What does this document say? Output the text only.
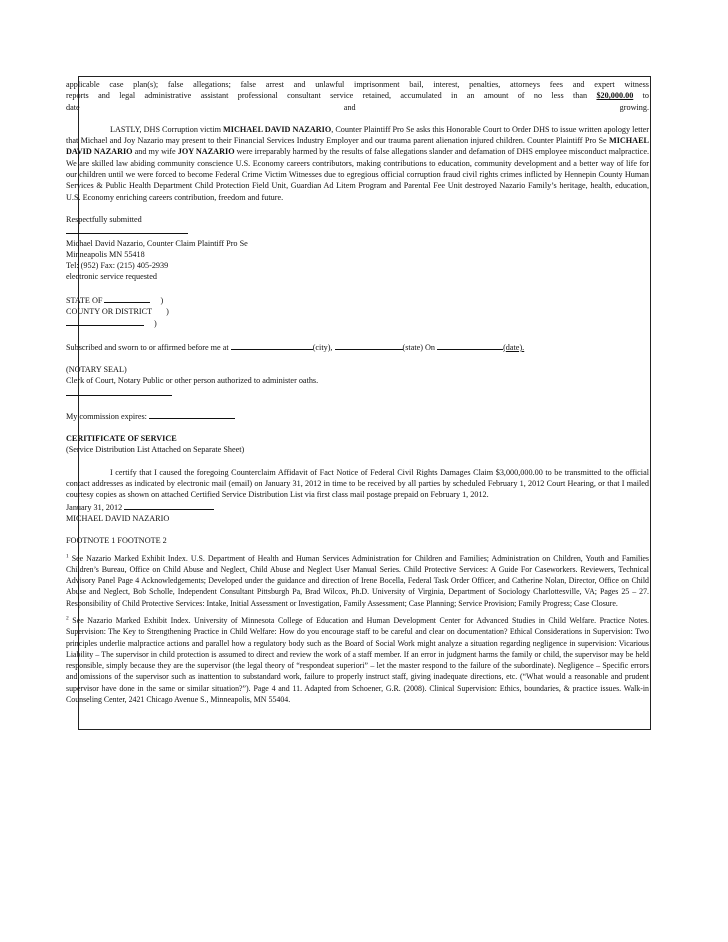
applicable case plan(s); false allegations; false arrest and unlawful imprisonment bail, interest, penalties, attorneys fees and expert witness

reports and legal administrative assistant professional consultant service retained, accumulated in an amount of no less than $20,000.00 to

date and growing.

LASTLY, DHS Corruption victim MICHAEL DAVID NAZARIO, Counter Plaintiff Pro Se asks this Honorable Court to Order DHS to issue written apology letter that Michael and Joy Nazario may present to their Financial Services Industry Employer and our trauma parent alienation injured children. Counter Plaintiff Pro Se MICHAEL DAVID NAZARIO and my wife JOY NAZARIO were irreparably harmed by the results of false allegations slander and defamation of DHS employee misconduct malpractice. We are skilled law abiding community conscience U.S. Economy careers contributors, making contributions to education, community development and a better way of life for our children until we were forced to become Federal Crime Victim Witnesses due to egregious official corruption fraud civil rights crimes inflicted by Hennepin County Human Services & Public Health Department Child Protection Field Unit, Guardian Ad Litem Program and Parental Fee Unit destroyed Nazario Family’s heritage, health, education, U.S. Economy enriching careers contribution, freedom and future.

Respectfully submitted

Michael David Nazario, Counter Claim Plaintiff Pro Se

Minneapolis MN 55418

Tel: (952) Fax: (215) 405-2939

electronic service requested

STATE OF	)

COUNTY OR DISTRICT )

)

Subscribed and sworn to or affirmed before me at	(city),	(state) On	(date).

(NOTARY SEAL)

Clerk of Court, Notary Public or other person authorized to administer oaths.

My commission expires:

CERITIFICATE OF SERVICE

(Service Distribution List Attached on Separate Sheet)

I certify that I caused the foregoing Counterclaim Affidavit of Fact Notice of Federal Civil Rights Damages Claim $3,000,000.00 to be transmitted to the official contact addresses as indicated by electronic mail (email) on January 31, 2012 in time to be received by all parties by scheduled February 1, 2012 Court Hearing, or that I mailed courtesy copies as shown on attached Certified Service Distribution List via first class mail postage prepaid on February 1, 2012.

January 31, 2012

MICHAEL DAVID NAZARIO

FOOTNOTE 1 FOOTNOTE 2

$^1$ See Nazario Marked Exhibit Index. U.S. Department of Health and Human Services Administration for Children and Families; Administration on Children, Youth and Families Children’s Bureau, Office on Child Abuse and Neglect, Child Abuse and Neglect User Manual Series. Child Protective Services: A Guide For Caseworkers. Reviewers, Technical Advisory Panel Page 4 Acknowledgements; Developed under the guidance and direction of Irene Bocella, Federal Task Order Officer, and Catherine Nolan, Director, Office on Child Abuse and Neglect, Bob Scholle, Independent Consultant Pittsburgh Pa, Brad Wilcox, Ph.D. University of Virginia, Department of Sociology Charlottesville, VA; Pages 25 – 27. Responsibility of Child Protective Services: Intake, Initial Assessment or Investigation, Family Assessment; Case Planning; Service Provision; Family Progress; Case Closure.

$^2$ See Nazario Marked Exhibit Index. University of Minnesota College of Education and Human Development Center for Advanced Studies in Child Welfare. Practice Notes. Supervision: The Key to Strengthening Practice in Child Welfare: How do you encourage staff to be careful and clear on documentation? Ethical Considerations in Supervision: Two principles underlie malpractice actions and parallel how a regulatory body such as the Board of Social Work might analyze a situation regarding negligence in supervision: Vicarious Liability – The supervisor in child protection is assumed to direct and review the work of a staff member. If an error in judgment harms the family or child, the supervisor may be held responsible, simply because they are the supervisor (the legal theory of “respondeat superiori” – let the master respond to the failure of the subordinate). Negligence – Specific errors and omissions of the supervisor such as inattention to substandard work, failure to properly instruct staff, giving inadequate directions, etc. (“What would a reasonable and prudent supervisor have done in the same or similar situation?”). Page 4 and 11. Adapted from Schoener, G.R. (2008). Clinical Supervision: Ethics, boundaries, & practice issues. Walk-in Counseling Center, 2421 Chicago Avenue S., Minneapolis, MN 55404.
